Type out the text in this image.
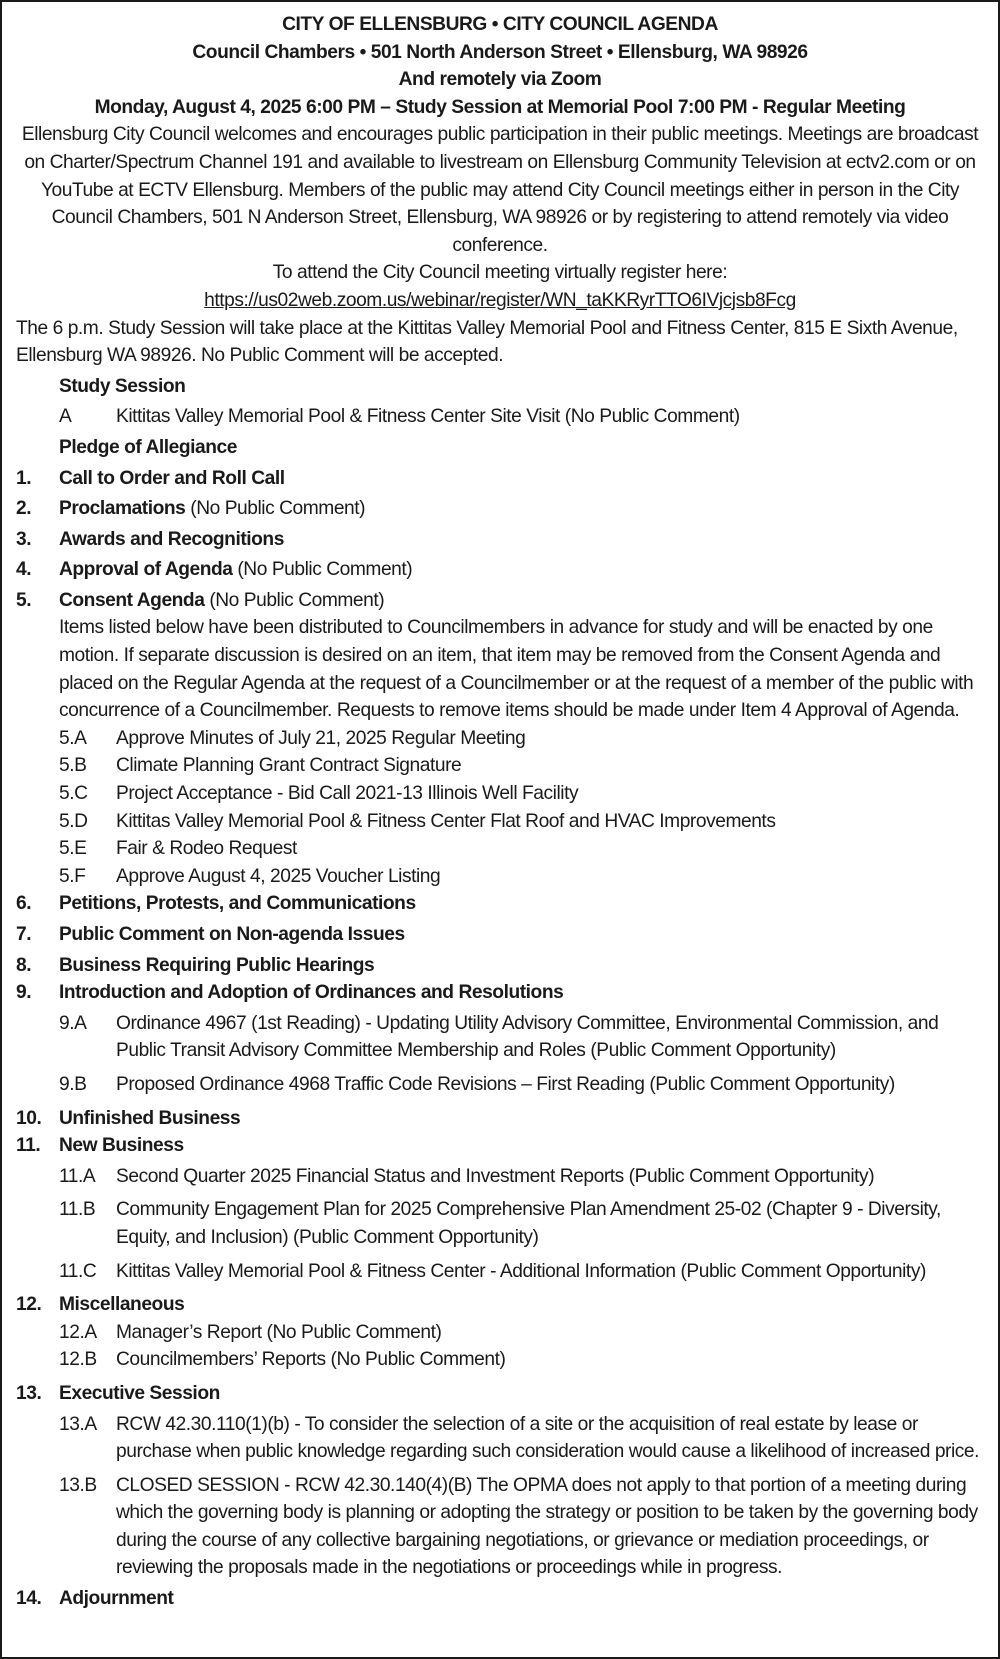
CITY OF ELLENSBURG • CITY COUNCIL AGENDA
Council Chambers • 501 North Anderson Street • Ellensburg, WA 98926
And remotely via Zoom
Monday, August 4, 2025 6:00 PM – Study Session at Memorial Pool 7:00 PM - Regular Meeting
Ellensburg City Council welcomes and encourages public participation in their public meetings. Meetings are broadcast on Charter/Spectrum Channel 191 and available to livestream on Ellensburg Community Television at ectv2.com or on YouTube at ECTV Ellensburg. Members of the public may attend City Council meetings either in person in the City Council Chambers, 501 N Anderson Street, Ellensburg, WA 98926 or by registering to attend remotely via video conference.
To attend the City Council meeting virtually register here:
https://us02web.zoom.us/webinar/register/WN_taKKRyrTTO6IVjcjsb8Fcg
The 6 p.m. Study Session will take place at the Kittitas Valley Memorial Pool and Fitness Center, 815 E Sixth Avenue, Ellensburg WA 98926. No Public Comment will be accepted.
Study Session
A	Kittitas Valley Memorial Pool & Fitness Center Site Visit (No Public Comment)
Pledge of Allegiance
1.	Call to Order and Roll Call
2.	Proclamations (No Public Comment)
3.	Awards and Recognitions
4.	Approval of Agenda (No Public Comment)
5.	Consent Agenda (No Public Comment)
Items listed below have been distributed to Councilmembers in advance for study and will be enacted by one motion. If separate discussion is desired on an item, that item may be removed from the Consent Agenda and placed on the Regular Agenda at the request of a Councilmember or at the request of a member of the public with concurrence of a Councilmember. Requests to remove items should be made under Item 4 Approval of Agenda.
5.A	Approve Minutes of July 21, 2025 Regular Meeting
5.B	Climate Planning Grant Contract Signature
5.C	Project Acceptance - Bid Call 2021-13 Illinois Well Facility
5.D	Kittitas Valley Memorial Pool & Fitness Center Flat Roof and HVAC Improvements
5.E	Fair & Rodeo Request
5.F	Approve August 4, 2025 Voucher Listing
6.	Petitions, Protests, and Communications
7.	Public Comment on Non-agenda Issues
8.	Business Requiring Public Hearings
9.	Introduction and Adoption of Ordinances and Resolutions
9.A	Ordinance 4967 (1st Reading) - Updating Utility Advisory Committee, Environmental Commission, and Public Transit Advisory Committee Membership and Roles (Public Comment Opportunity)
9.B	Proposed Ordinance 4968 Traffic Code Revisions – First Reading (Public Comment Opportunity)
10. Unfinished Business
11. New Business
11.A	Second Quarter 2025 Financial Status and Investment Reports (Public Comment Opportunity)
11.B	Community Engagement Plan for 2025 Comprehensive Plan Amendment 25-02 (Chapter 9 - Diversity, Equity, and Inclusion) (Public Comment Opportunity)
11.C	Kittitas Valley Memorial Pool & Fitness Center - Additional Information (Public Comment Opportunity)
12. Miscellaneous
12.A	Manager’s Report (No Public Comment)
12.B	Councilmembers’ Reports (No Public Comment)
13. Executive Session
13.A	RCW 42.30.110(1)(b) - To consider the selection of a site or the acquisition of real estate by lease or purchase when public knowledge regarding such consideration would cause a likelihood of increased price.
13.B	CLOSED SESSION - RCW 42.30.140(4)(B) The OPMA does not apply to that portion of a meeting during which the governing body is planning or adopting the strategy or position to be taken by the governing body during the course of any collective bargaining negotiations, or grievance or mediation proceedings, or reviewing the proposals made in the negotiations or proceedings while in progress.
14. Adjournment
